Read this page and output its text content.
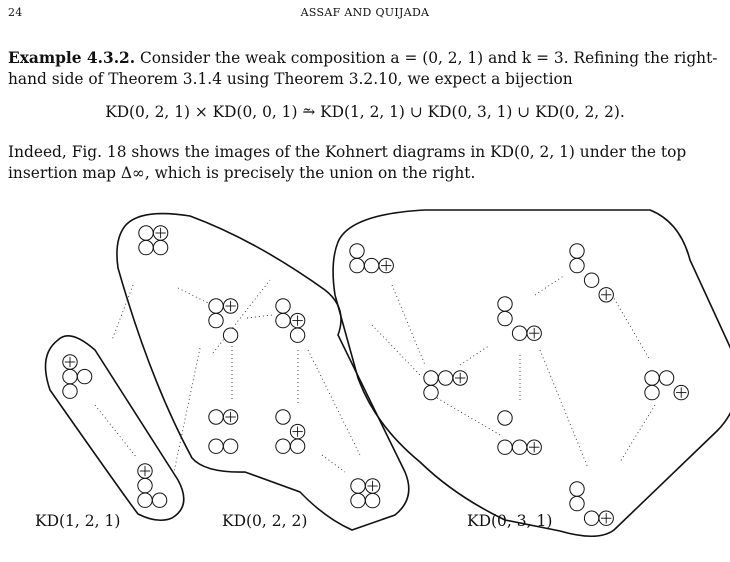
24	ASSAF AND QUIJADA

Example 4.3.2. Consider the weak composition a = (0, 2, 1) and k = 3. Refining the right-hand side of Theorem 3.1.4 using Theorem 3.2.10, we expect a bijection

KD(0, 2, 1) × KD(0, 0, 1) ⥲ KD(1, 2, 1) ∪ KD(0, 3, 1) ∪ KD(0, 2, 2).

Indeed, Fig. 18 shows the images of the Kohnert diagrams in KD(0, 2, 1) under the top insertion map Δ∞, which is precisely the union on the right.

KD(1, 2, 1)	KD(0, 2, 2)	KD(0, 3, 1)
